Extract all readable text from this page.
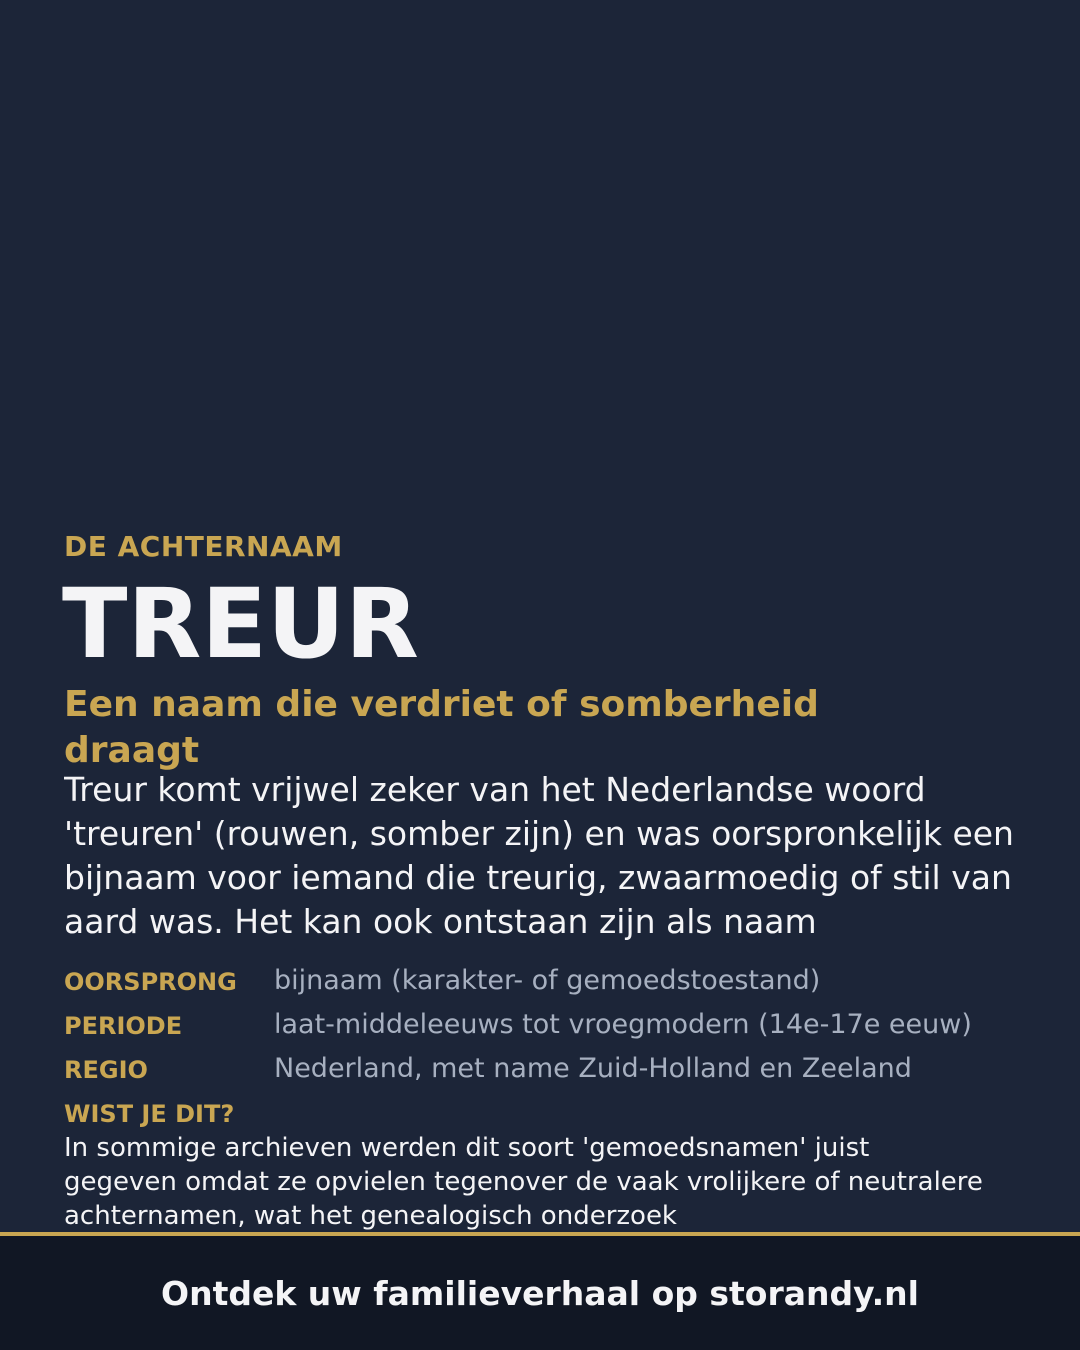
DE ACHTERNAAM
TREUR
Een naam die verdriet of somberheid draagt
Treur komt vrijwel zeker van het Nederlandse woord 'treuren' (rouwen, somber zijn) en was oorspronkelijk een bijnaam voor iemand die treurig, zwaarmoedig of stil van aard was. Het kan ook ontstaan zijn als naam
OORSPRONG	bijnaam (karakter- of gemoedstoestand)
PERIODE	laat-middeleeuws tot vroegmodern (14e-17e eeuw)
REGIO	Nederland, met name Zuid-Holland en Zeeland
WIST JE DIT?
In sommige archieven werden dit soort 'gemoedsnamen' juist gegeven omdat ze opvielen tegenover de vaak vrolijkere of neutralere achternamen, wat het genealogisch onderzoek
Ontdek uw familieverhaal op storandy.nl
